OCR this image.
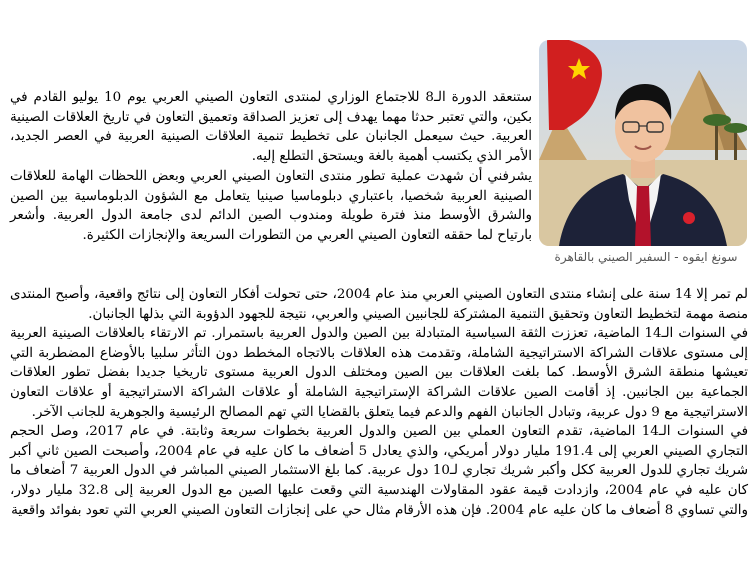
سونغ ايقوه - السفير الصيني بالقاهرة

ستنعقد الدورة الـ8 للاجتماع الوزاري لمنتدى التعاون الصيني العربي يوم 10 يوليو القادم في بكين، والتي تعتبر حدثا مهما يهدف إلى تعزيز الصداقة وتعميق التعاون في تاريخ العلاقات الصينية العربية. حيث سيعمل الجانبان على تخطيط تنمية العلاقات الصينية العربية في العصر الجديد، الأمر الذي يكتسب أهمية بالغة ويستحق التطلع إليه.

يشرفني أن شهدت عملية تطور منتدى التعاون الصيني العربي وبعض اللحظات الهامة للعلاقات الصينية العربية شخصيا، باعتباري دبلوماسيا صينيا يتعامل مع الشؤون الدبلوماسية بين الصين والشرق الأوسط منذ فترة طويلة ومندوب الصين الدائم لدى جامعة الدول العربية. وأشعر بارتياح لما حققه التعاون الصيني العربي من التطورات السريعة والإنجازات الكثيرة.

لم تمر إلا 14 سنة على إنشاء منتدى التعاون الصيني العربي منذ عام 2004، حتى تحولت أفكار التعاون إلى نتائج واقعية، وأصبح المنتدى منصة مهمة لتخطيط التعاون وتحقيق التنمية المشتركة للجانبين الصيني والعربي، نتيجة للجهود الدؤوبة التي بذلها الجانبان.

في السنوات الـ14 الماضية، تعززت الثقة السياسية المتبادلة بين الصين والدول العربية باستمرار. تم الارتقاء بالعلاقات الصينية العربية إلى مستوى علاقات الشراكة الاستراتيجية الشاملة، وتقدمت هذه العلاقات بالاتجاه المخطط دون التأثر سلبيا بالأوضاع المضطربة التي تعيشها منطقة الشرق الأوسط. كما بلغت العلاقات بين الصين ومختلف الدول العربية مستوى تاريخيا جديدا بفضل تطور العلاقات الجماعية بين الجانبين. إذ أقامت الصين علاقات الشراكة الإستراتيجية الشاملة أو علاقات الشراكة الاستراتيجية أو علاقات التعاون الاستراتيجية مع 9 دول عربية، وتبادل الجانبان الفهم والدعم فيما يتعلق بالقضايا التي تهم المصالح الرئيسية والجوهرية للجانب الآخر.

في السنوات الـ14 الماضية، تقدم التعاون العملي بين الصين والدول العربية بخطوات سريعة وثابتة. في عام 2017، وصل الحجم التجاري الصيني العربي إلى 191.4 مليار دولار أمريكي، والذي يعادل 5 أضعاف ما كان عليه في عام 2004، وأصبحت الصين ثاني أكبر شريك تجاري للدول العربية ككل وأكبر شريك تجاري لـ10 دول عربية. كما بلغ الاستثمار الصيني المباشر في الدول العربية 7 أضعاف ما كان عليه في عام 2004، وازدادت قيمة عقود المقاولات الهندسية التي وقعت عليها الصين مع الدول العربية إلى 32.8 مليار دولار، والتي تساوي 8 أضعاف ما كان عليه عام 2004. فإن هذه الأرقام مثال حي على إنجازات التعاون الصيني العربي التي تعود بفوائد واقعية
